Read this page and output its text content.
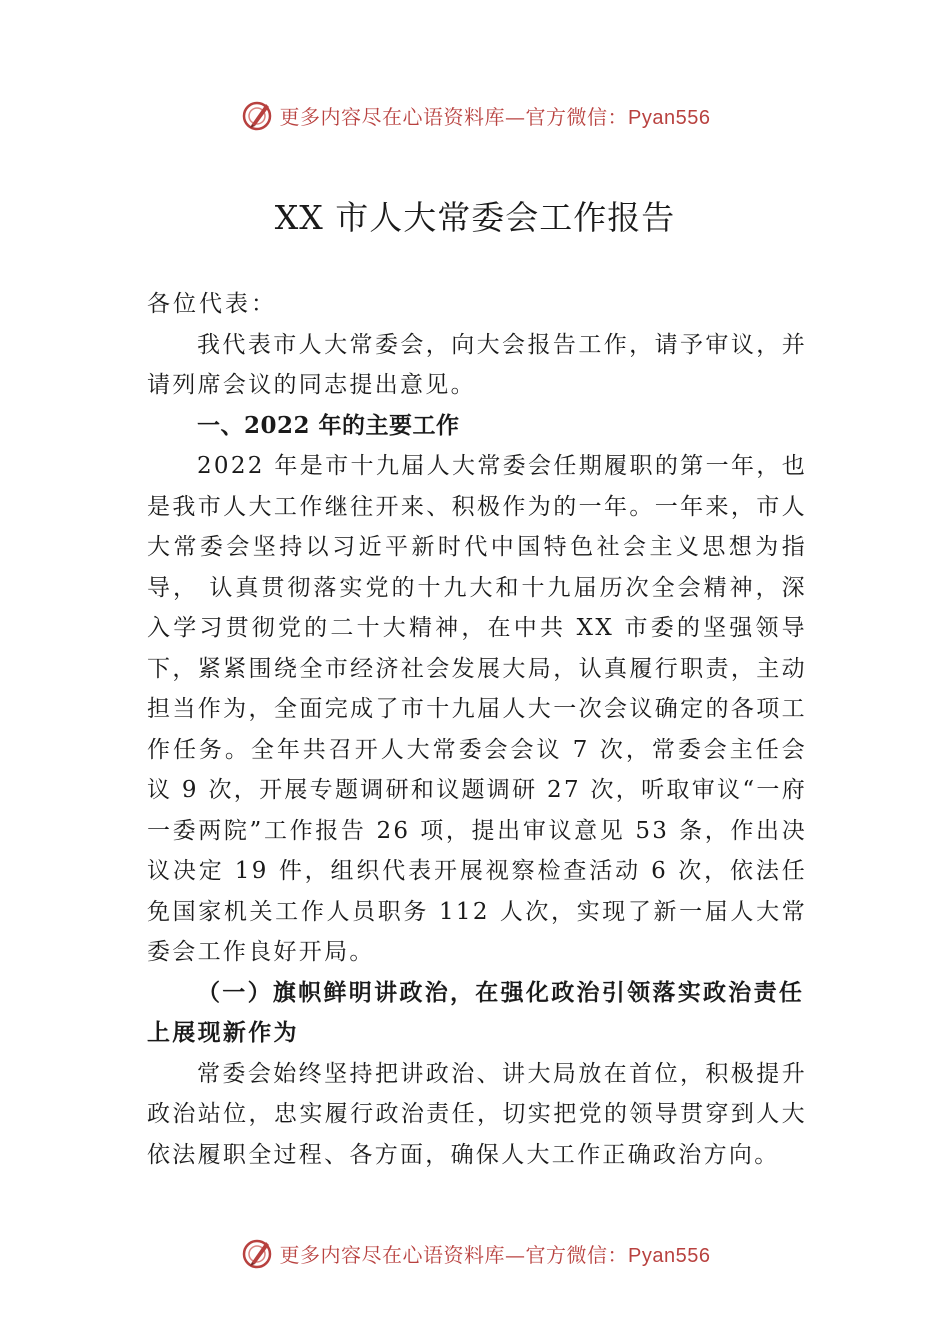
更多内容尽在心语资料库—官方微信：Pyan556
XX 市人大常委会工作报告

各位代表：

我代表市人大常委会，向大会报告工作，请予审议，并请列席会议的同志提出意见。

一、2022 年的主要工作

2022 年是市十九届人大常委会任期履职的第一年，也是我市人大工作继往开来、积极作为的一年。一年来，市人大常委会坚持以习近平新时代中国特色社会主义思想为指导， 认真贯彻落实党的十九大和十九届历次全会精神，深入学习贯彻党的二十大精神，在中共 XX 市委的坚强领导下，紧紧围绕全市经济社会发展大局，认真履行职责，主动担当作为，全面完成了市十九届人大一次会议确定的各项工作任务。全年共召开人大常委会会议 7 次，常委会主任会议 9 次，开展专题调研和议题调研 27 次，听取审议“一府一委两院”工作报告 26 项，提出审议意见 53 条，作出决议决定 19 件，组织代表开展视察检查活动 6 次，依法任免国家机关工作人员职务 112 人次，实现了新一届人大常委会工作良好开局。

（一）旗帜鲜明讲政治，在强化政治引领落实政治责任上展现新作为

常委会始终坚持把讲政治、讲大局放在首位，积极提升政治站位，忠实履行政治责任，切实把党的领导贯穿到人大依法履职全过程、各方面，确保人大工作正确政治方向。

更多内容尽在心语资料库—官方微信：Pyan556
